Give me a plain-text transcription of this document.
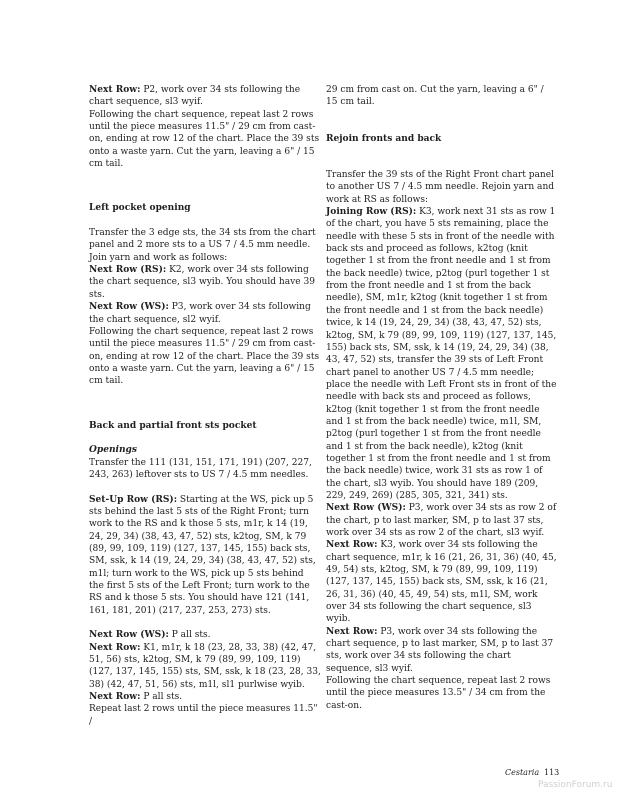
Next Row: P2, work over 34 sts following the chart sequence, sl3 wyif.

Following the chart sequence, repeat last 2 rows until the piece measures 11.5" / 29 cm from cast-on, ending at row 12 of the chart. Place the 39 sts onto a waste yarn. Cut the yarn, leaving a 6" / 15 cm tail.

Left pocket opening

Transfer the 3 edge sts, the 34 sts from the chart panel and 2 more sts to a US 7 / 4.5 mm needle. Join yarn and work as follows:

Next Row (RS): K2, work over 34 sts following the chart sequence, sl3 wyib. You should have 39 sts.

Next Row (WS): P3, work over 34 sts following the chart sequence, sl2 wyif.

Following the chart sequence, repeat last 2 rows until the piece measures 11.5" / 29 cm from cast-on, ending at row 12 of the chart. Place the 39 sts onto a waste yarn. Cut the yarn, leaving a 6" / 15 cm tail.

Back and partial front sts pocket

Openings

Transfer the 111 (131, 151, 171, 191) (207, 227, 243, 263) leftover sts to US 7 / 4.5 mm needles.

Set-Up Row (RS): Starting at the WS, pick up 5 sts behind the last 5 sts of the Right Front; turn work to the RS and k those 5 sts, m1r, k 14 (19, 24, 29, 34) (38, 43, 47, 52) sts, k2tog, SM, k 79 (89, 99, 109, 119) (127, 137, 145, 155) back sts, SM, ssk, k 14 (19, 24, 29, 34) (38, 43, 47, 52) sts, m1l; turn work to the WS, pick up 5 sts behind the first 5 sts of the Left Front; turn work to the RS and k those 5 sts. You should have 121 (141, 161, 181, 201) (217, 237, 253, 273) sts.

Next Row (WS): P all sts.

Next Row: K1, m1r, k 18 (23, 28, 33, 38) (42, 47, 51, 56) sts, k2tog, SM, k 79 (89, 99, 109, 119) (127, 137, 145, 155) sts, SM, ssk, k 18 (23, 28, 33, 38) (42, 47, 51, 56) sts, m1l, sl1 purlwise wyib.

Next Row: P all sts.

Repeat last 2 rows until the piece measures 11.5" /

29 cm from cast on. Cut the yarn, leaving a 6" / 15 cm tail.

Rejoin fronts and back

Transfer the 39 sts of the Right Front chart panel to another US 7 / 4.5 mm needle. Rejoin yarn and work at RS as follows:

Joining Row (RS): K3, work next 31 sts as row 1 of the chart, you have 5 sts remaining, place the needle with these 5 sts in front of the needle with back sts and proceed as follows, k2tog (knit together 1 st from the front needle and 1 st from the back needle) twice, p2tog (purl together 1 st from the front needle and 1 st from the back needle), SM, m1r, k2tog (knit together 1 st from the front needle and 1 st from the back needle) twice, k 14 (19, 24, 29, 34) (38, 43, 47, 52) sts, k2tog, SM, k 79 (89, 99, 109, 119) (127, 137, 145, 155) back sts, SM, ssk, k 14 (19, 24, 29, 34) (38, 43, 47, 52) sts, transfer the 39 sts of Left Front chart panel to another US 7 / 4.5 mm needle; place the needle with Left Front sts in front of the needle with back sts and proceed as follows, k2tog (knit together 1 st from the front needle and 1 st from the back needle) twice, m1l, SM, p2tog (purl together 1 st from the front needle and 1 st from the back needle), k2tog (knit together 1 st from the front needle and 1 st from the back needle) twice, work 31 sts as row 1 of the chart, sl3 wyib. You should have 189 (209, 229, 249, 269) (285, 305, 321, 341) sts.

Next Row (WS): P3, work over 34 sts as row 2 of the chart, p to last marker, SM, p to last 37 sts, work over 34 sts as row 2 of the chart, sl3 wyif.

Next Row: K3, work over 34 sts following the chart sequence, m1r, k 16 (21, 26, 31, 36) (40, 45, 49, 54) sts, k2tog, SM, k 79 (89, 99, 109, 119) (127, 137, 145, 155) back sts, SM, ssk, k 16 (21, 26, 31, 36) (40, 45, 49, 54) sts, m1l, SM, work over 34 sts following the chart sequence, sl3 wyib.

Next Row: P3, work over 34 sts following the chart sequence, p to last marker, SM, p to last 37 sts, work over 34 sts following the chart sequence, sl3 wyif.

Following the chart sequence, repeat last 2 rows until the piece measures 13.5" / 34 cm from the cast-on.

Cestaria 113
PassionForum.ru
